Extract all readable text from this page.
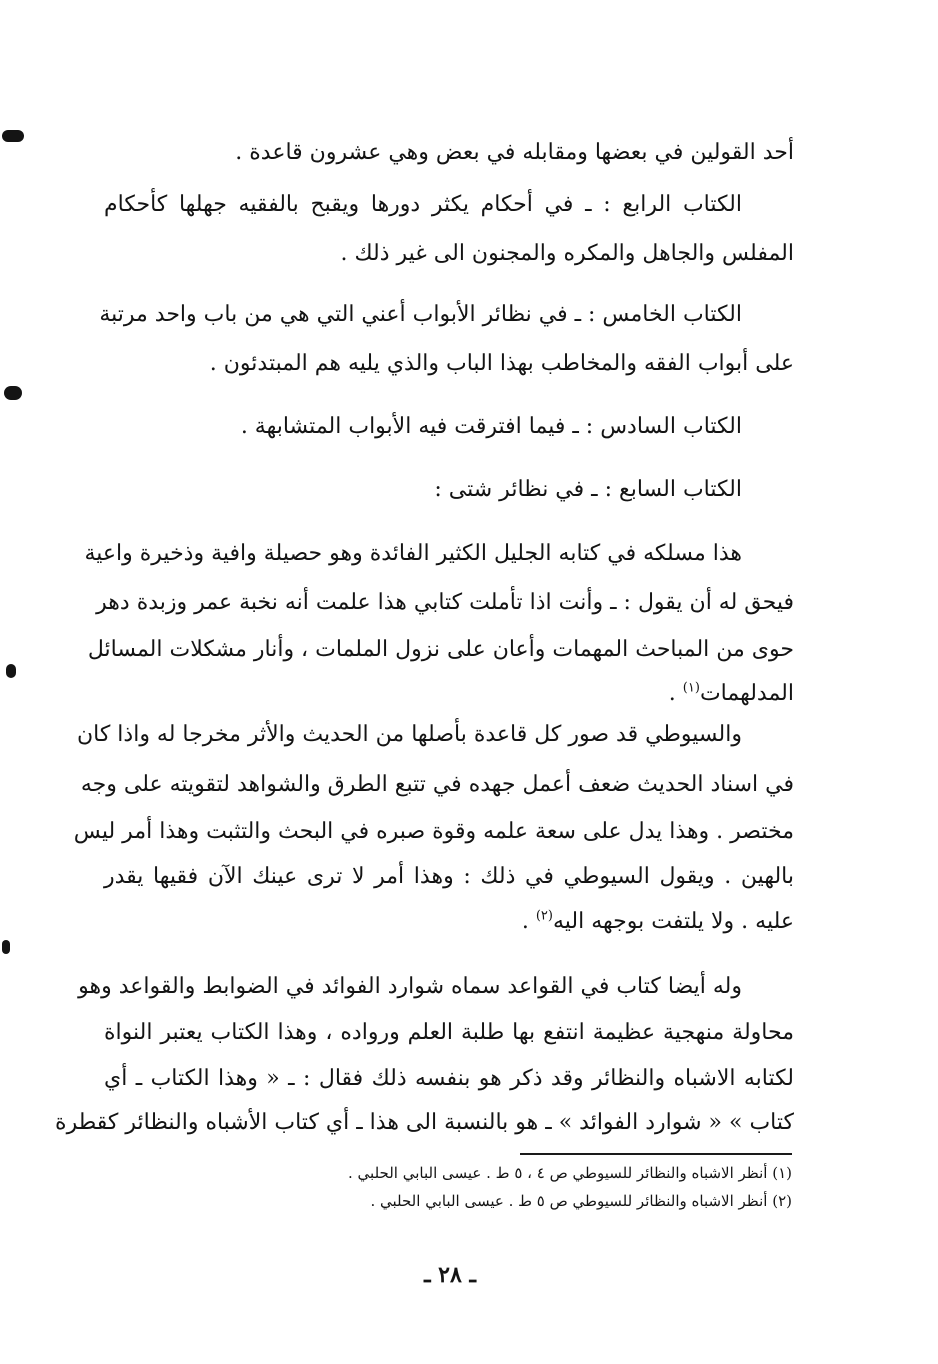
أحد القولين في بعضها ومقابله في بعض وهي عشرون قاعدة .
الكتاب الرابع : ـ في أحكام يكثر دورها ويقبح بالفقيه جهلها كأحكام
المفلس والجاهل والمكره والمجنون الى غير ذلك .
الكتاب الخامس : ـ في نظائر الأبواب أعني التي هي من باب واحد مرتبة
على أبواب الفقه والمخاطب بهذا الباب والذي يليه هم المبتدئون .
الكتاب السادس : ـ فيما افترقت فيه الأبواب المتشابهة .
الكتاب السابع : ـ في نظائر شتى :
هذا مسلكه في كتابه الجليل الكثير الفائدة وهو حصيلة وافية وذخيرة واعية
فيحق له أن يقول : ـ وأنت اذا تأملت كتابي هذا علمت أنه نخبة عمر وزبدة دهر
حوى من المباحث المهمات وأعان على نزول الملمات ، وأنار مشكلات المسائل
المدلهمات$^{(١)}$ .
والسيوطي قد صور كل قاعدة بأصلها من الحديث والأثر مخرجا له واذا كان
في اسناد الحديث ضعف أعمل جهده في تتبع الطرق والشواهد لتقويته على وجه
مختصر . وهذا يدل على سعة علمه وقوة صبره في البحث والتثبت وهذا أمر ليس
بالهين . ويقول السيوطي في ذلك : وهذا أمر لا ترى عينك الآن فقيها يقدر
عليه . ولا يلتفت بوجهه اليه$^{(٢)}$ .
وله أيضا كتاب في القواعد سماه شوارد الفوائد في الضوابط والقواعد وهو
محاولة منهجية عظيمة انتفع بها طلبة العلم ورواده ، وهذا الكتاب يعتبر النواة
لكتابه الاشباه والنظائر وقد ذكر هو بنفسه ذلك فقال : ـ « وهذا الكتاب ـ أي
كتاب » « شوارد الفوائد » ـ هو بالنسبة الى هذا ـ أي كتاب الأشباه والنظائر كقطرة
(١) أنظر الاشباه والنظائر للسيوطي ص ٤ ، ٥ ط . عيسى البابي الحلبي .
(٢) أنظر الاشباه والنظائر للسيوطي ص ٥ ط . عيسى البابي الحلبي .
ـ ٢٨ ـ
